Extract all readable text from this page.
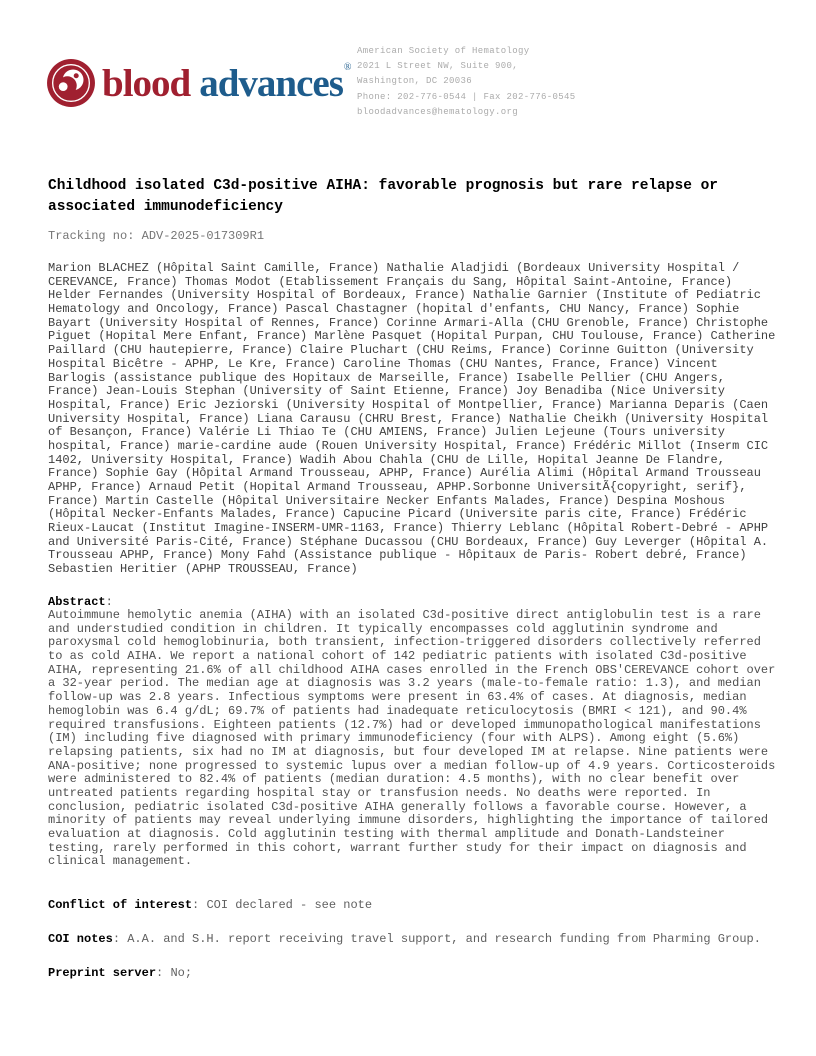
blood advances ®
American Society of Hematology
2021 L Street NW, Suite 900,
Washington, DC 20036
Phone: 202-776-0544 | Fax 202-776-0545
bloodadvances@hematology.org
Childhood isolated C3d-positive AIHA: favorable prognosis but rare relapse or associated immunodeficiency
Tracking no: ADV-2025-017309R1
Marion BLACHEZ (Hôpital Saint Camille, France) Nathalie Aladjidi (Bordeaux University Hospital / CEREVANCE, France) Thomas Modot (Etablissement Français du Sang, Hôpital Saint-Antoine, France) Helder Fernandes (University Hospital of Bordeaux, France) Nathalie Garnier (Institute of Pediatric Hematology and Oncology, France) Pascal Chastagner (hopital d'enfants, CHU Nancy, France) Sophie Bayart (University Hospital of Rennes, France) Corinne Armari-Alla (CHU Grenoble, France) Christophe Piguet (Hopital Mere Enfant, France) Marlène Pasquet (Hopital Purpan, CHU Toulouse, France) Catherine Paillard (CHU hautepierre, France) Claire Pluchart (CHU Reims, France) Corinne Guitton (University Hospital Bicêtre - APHP, Le Kre, France) Caroline Thomas (CHU Nantes, France, France) Vincent Barlogis (assistance publique des Hopitaux de Marseille, France) Isabelle Pellier (CHU Angers, France) Jean-Louis Stephan (University of Saint Etienne, France) Joy Benadiba (Nice University Hospital, France) Eric Jeziorski (University Hospital of Montpellier, France) Marianna Deparis (Caen University Hospital, France) Liana Carausu (CHRU Brest, France) Nathalie Cheikh (University Hospital of Besançon, France) Valérie Li Thiao Te (CHU AMIENS, France) Julien Lejeune (Tours university hospital, France) marie-cardine aude (Rouen University Hospital, France) Frédéric Millot (Inserm CIC 1402, University Hospital, France) Wadih Abou Chahla (CHU de Lille, Hopital Jeanne De Flandre, France) Sophie Gay (Hôpital Armand Trousseau, APHP, France) Aurélia Alimi (Hôpital Armand Trousseau APHP, France) Arnaud Petit (Hopital Armand Trousseau, APHP.Sorbonne UniversitÃ{copyright, serif}, France) Martin Castelle (Hôpital Universitaire Necker Enfants Malades, France) Despina Moshous (Hôpital Necker-Enfants Malades, France) Capucine Picard (Universite paris cite, France) Frédéric Rieux-Laucat (Institut Imagine-INSERM-UMR-1163, France) Thierry Leblanc (Hôpital Robert-Debré - APHP and Université Paris-Cité, France) Stéphane Ducassou (CHU Bordeaux, France) Guy Leverger (Hôpital A. Trousseau APHP, France) Mony Fahd (Assistance publique - Hôpitaux de Paris- Robert debré, France) Sebastien Heritier (APHP TROUSSEAU, France)
Abstract:
Autoimmune hemolytic anemia (AIHA) with an isolated C3d-positive direct antiglobulin test is a rare and understudied condition in children. It typically encompasses cold agglutinin syndrome and paroxysmal cold hemoglobinuria, both transient, infection-triggered disorders collectively referred to as cold AIHA. We report a national cohort of 142 pediatric patients with isolated C3d-positive AIHA, representing 21.6% of all childhood AIHA cases enrolled in the French OBS'CEREVANCE cohort over a 32-year period. The median age at diagnosis was 3.2 years (male-to-female ratio: 1.3), and median follow-up was 2.8 years. Infectious symptoms were present in 63.4% of cases. At diagnosis, median hemoglobin was 6.4 g/dL; 69.7% of patients had inadequate reticulocytosis (BMRI < 121), and 90.4% required transfusions. Eighteen patients (12.7%) had or developed immunopathological manifestations (IM) including five diagnosed with primary immunodeficiency (four with ALPS). Among eight (5.6%) relapsing patients, six had no IM at diagnosis, but four developed IM at relapse. Nine patients were ANA-positive; none progressed to systemic lupus over a median follow-up of 4.9 years. Corticosteroids were administered to 82.4% of patients (median duration: 4.5 months), with no clear benefit over untreated patients regarding hospital stay or transfusion needs. No deaths were reported. In conclusion, pediatric isolated C3d-positive AIHA generally follows a favorable course. However, a minority of patients may reveal underlying immune disorders, highlighting the importance of tailored evaluation at diagnosis. Cold agglutinin testing with thermal amplitude and Donath-Landsteiner testing, rarely performed in this cohort, warrant further study for their impact on diagnosis and clinical management.
Conflict of interest: COI declared - see note
COI notes: A.A. and S.H. report receiving travel support, and research funding from Pharming Group.
Preprint server: No;
